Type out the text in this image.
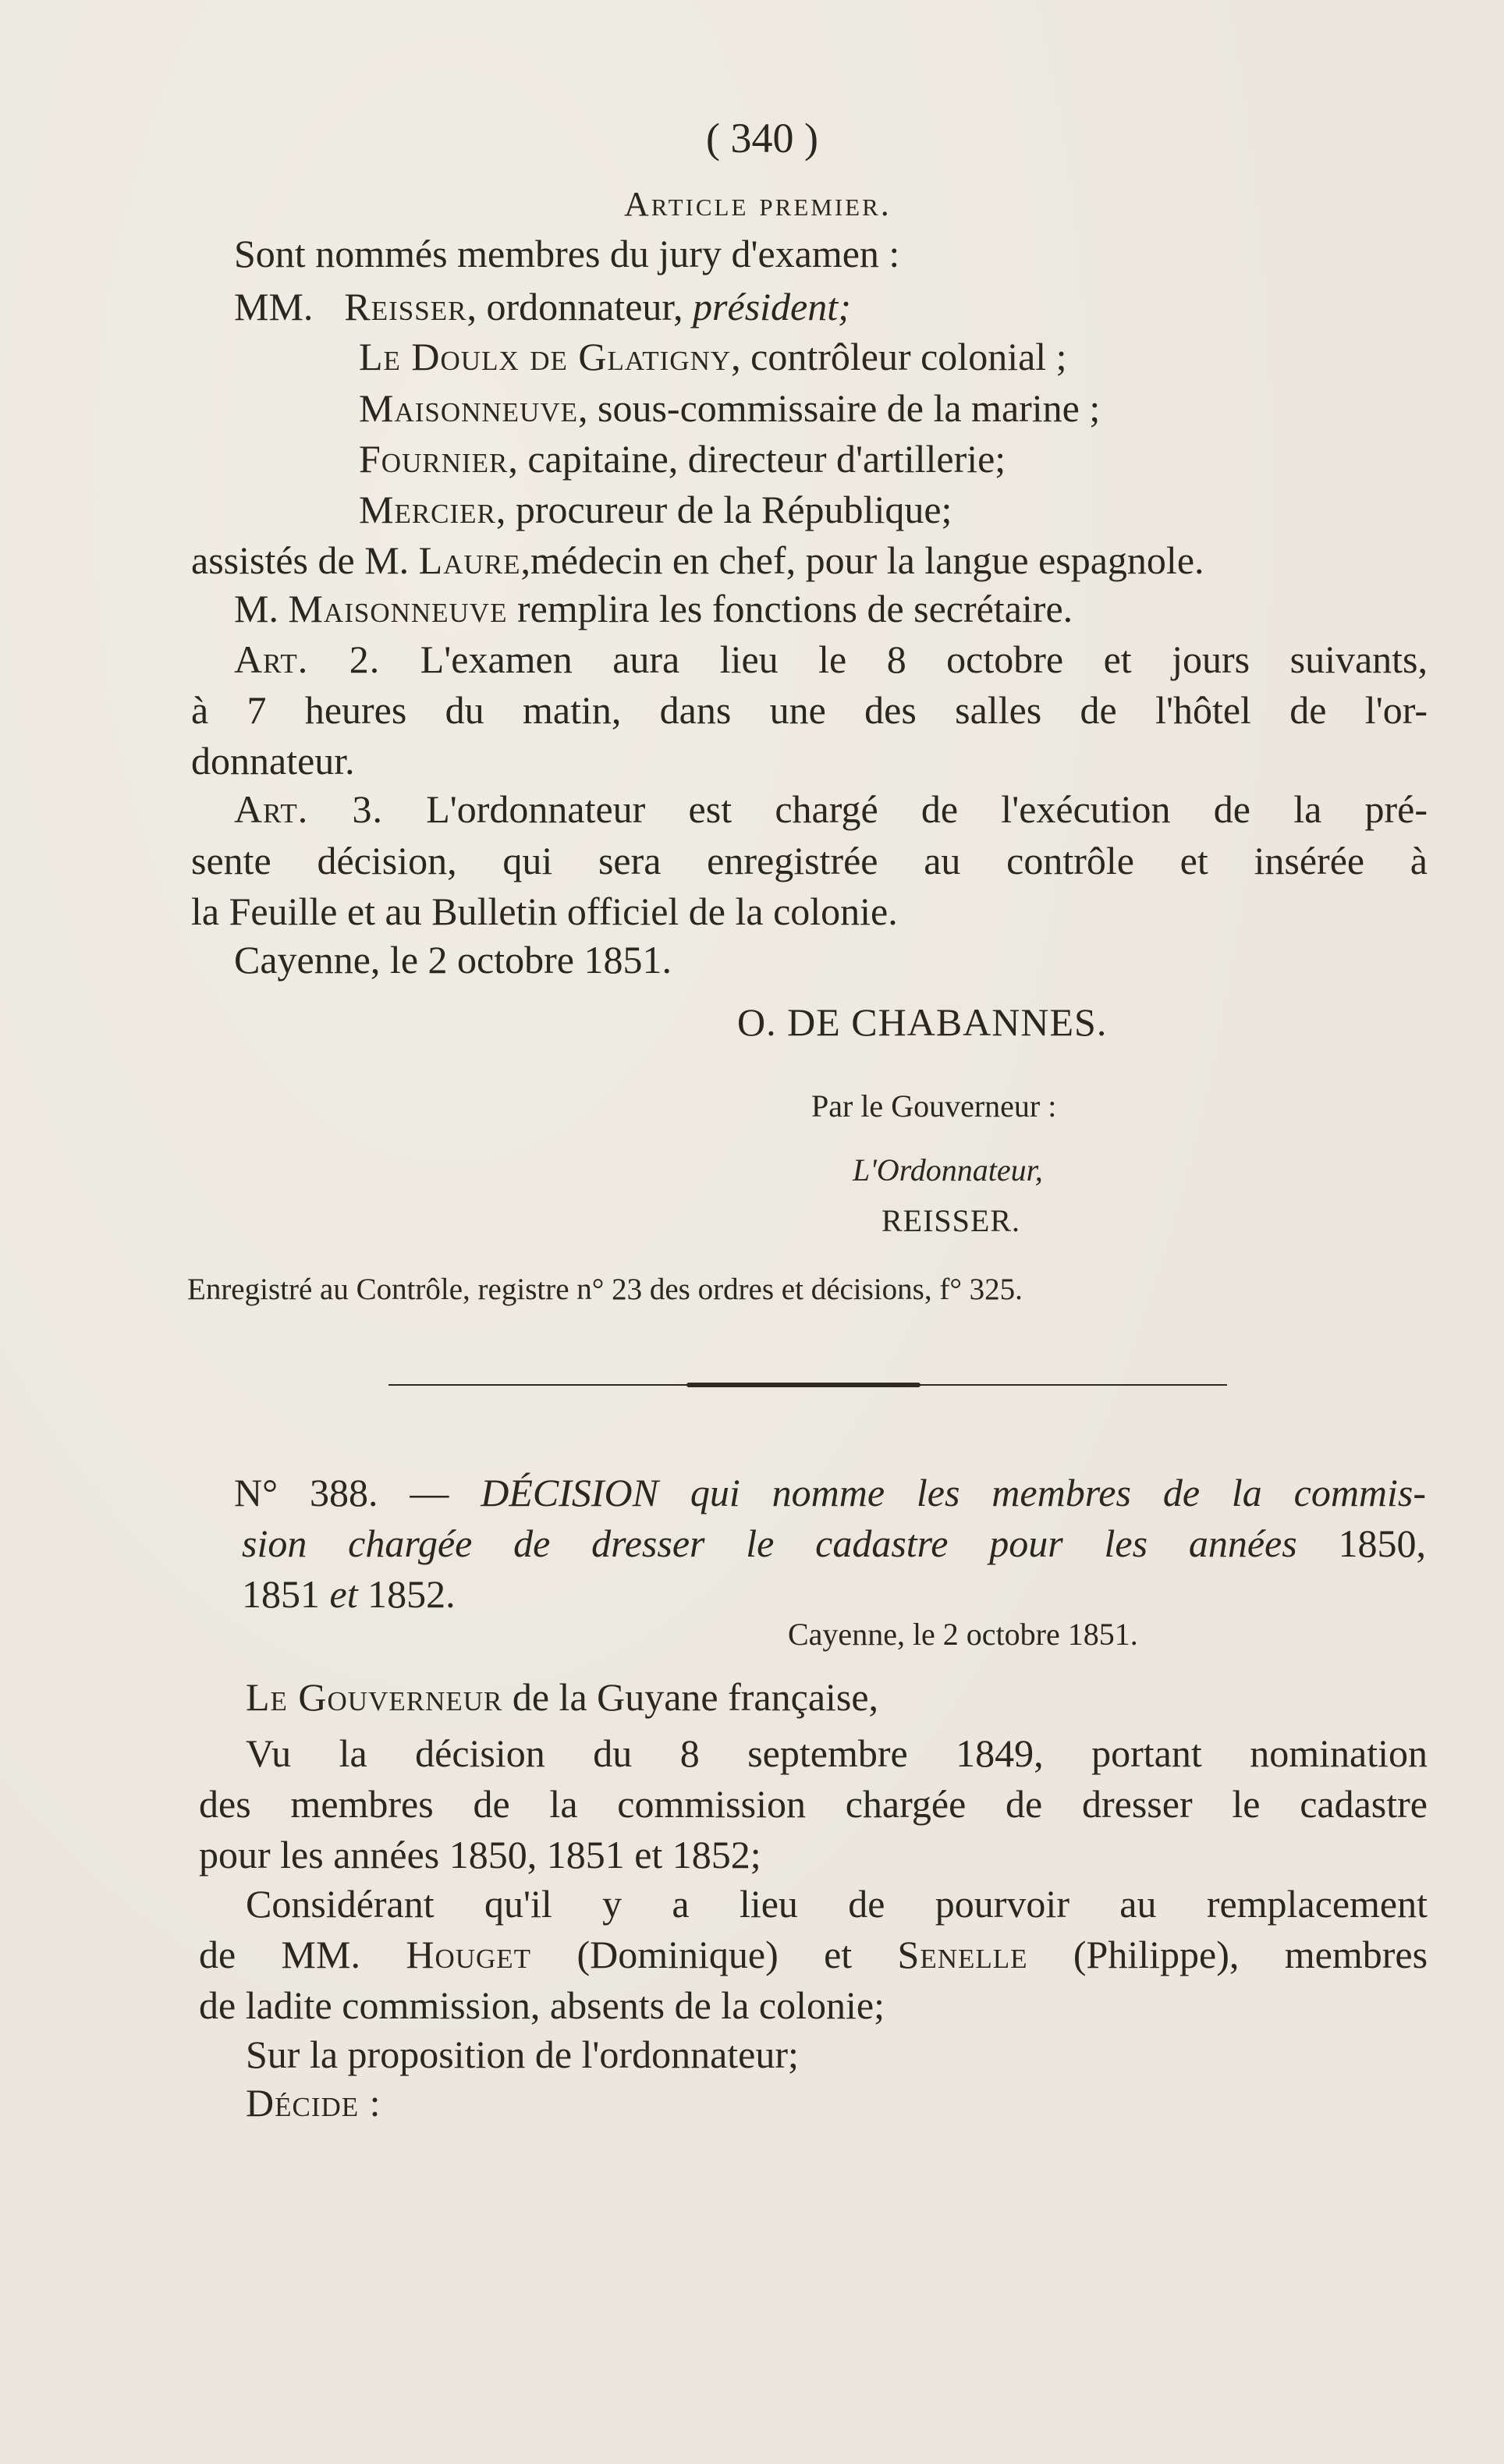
( 340 )
Article premier.
Sont nommés membres du jury d'examen :
MM. Reisser, ordonnateur, président;
Le Doulx de Glatigny, contrôleur colonial ;
Maisonneuve, sous-commissaire de la marine ;
Fournier, capitaine, directeur d'artillerie;
Mercier, procureur de la République;
assistés de M. Laure,médecin en chef, pour la langue espagnole.
M. Maisonneuve remplira les fonctions de secrétaire.
Art. 2. L'examen aura lieu le 8 octobre et jours suivants,
à 7 heures du matin, dans une des salles de l'hôtel de l'or-
donnateur.
Art. 3. L'ordonnateur est chargé de l'exécution de la pré-
sente décision, qui sera enregistrée au contrôle et insérée à
la Feuille et au Bulletin officiel de la colonie.
Cayenne, le 2 octobre 1851.
O. DE CHABANNES.
Par le Gouverneur :
L'Ordonnateur,
REISSER.
Enregistré au Contrôle, registre n° 23 des ordres et décisions, f° 325.
N° 388. — DÉCISION qui nomme les membres de la commis-
sion chargée de dresser le cadastre pour les années 1850,
1851 et 1852.
Cayenne, le 2 octobre 1851.
Le Gouverneur de la Guyane française,
Vu la décision du 8 septembre 1849, portant nomination
des membres de la commission chargée de dresser le cadastre
pour les années 1850, 1851 et 1852;
Considérant qu'il y a lieu de pourvoir au remplacement
de MM. Houget (Dominique) et Senelle (Philippe), membres
de ladite commission, absents de la colonie;
Sur la proposition de l'ordonnateur;
Décide :
